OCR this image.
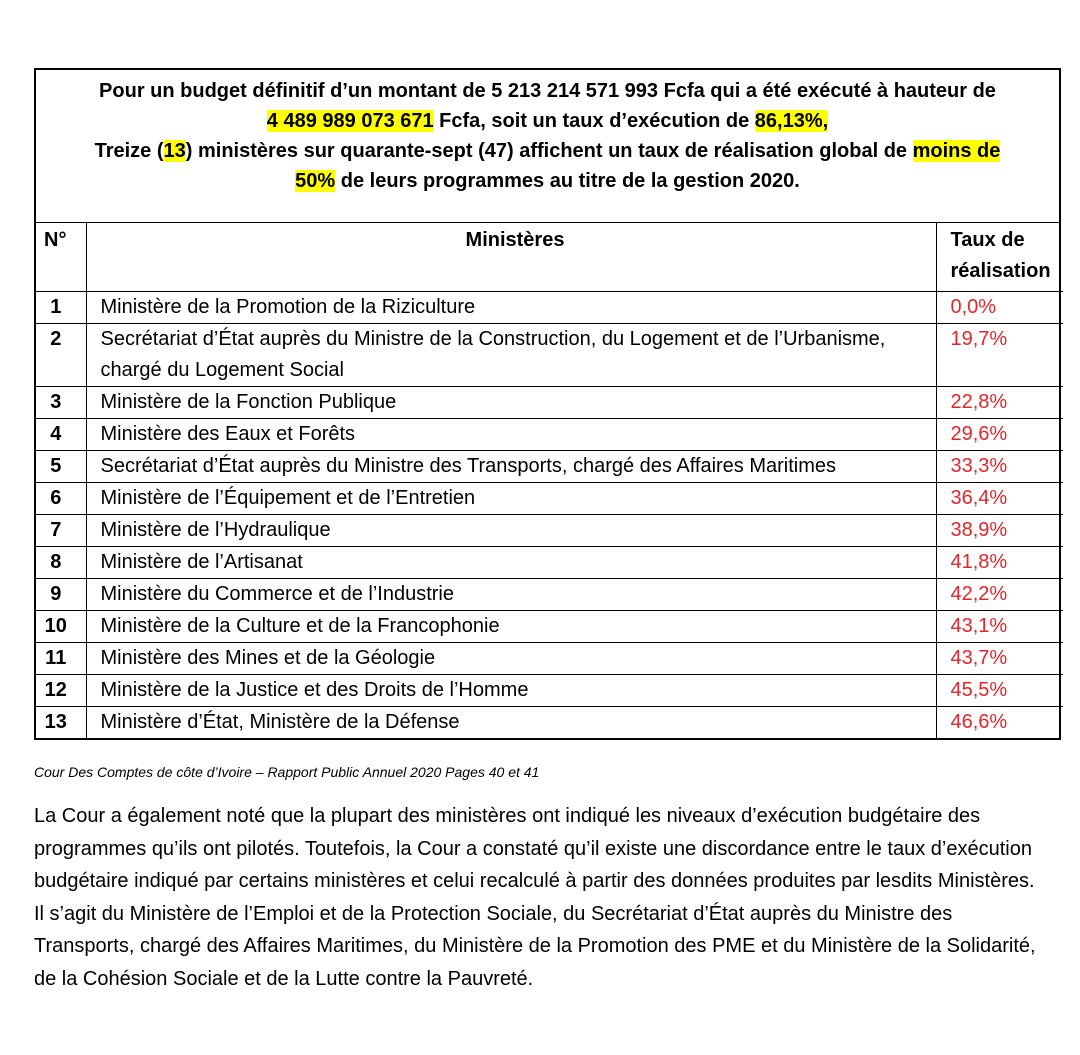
Pour un budget définitif d’un montant de 5 213 214 571 993 Fcfa qui a été exécuté à hauteur de
4 489 989 073 671 Fcfa, soit un taux d’exécution de 86,13%,
Treize (13) ministères sur quarante-sept (47) affichent un taux de réalisation global de moins de
50% de leurs programmes au titre de la gestion 2020.
N°	Ministères	Taux de réalisation
1	Ministère de la Promotion de la Riziculture	0,0%
2	Secrétariat d’État auprès du Ministre de la Construction, du Logement et de l’Urbanisme, chargé du Logement Social	19,7%
3	Ministère de la Fonction Publique	22,8%
4	Ministère des Eaux et Forêts	29,6%
5	Secrétariat d’État auprès du Ministre des Transports, chargé des Affaires Maritimes	33,3%
6	Ministère de l’Équipement et de l’Entretien	36,4%
7	Ministère de l’Hydraulique	38,9%
8	Ministère de l’Artisanat	41,8%
9	Ministère du Commerce et de l’Industrie	42,2%
10	Ministère de la Culture et de la Francophonie	43,1%
11	Ministère des Mines et de la Géologie	43,7%
12	Ministère de la Justice et des Droits de l’Homme	45,5%
13	Ministère d’État, Ministère de la Défense	46,6%
Cour Des Comptes de côte d’Ivoire – Rapport Public Annuel 2020 Pages 40 et 41
La Cour a également noté que la plupart des ministères ont indiqué les niveaux d’exécution budgétaire des programmes qu’ils ont pilotés. Toutefois, la Cour a constaté qu’il existe une discordance entre le taux d’exécution budgétaire indiqué par certains ministères et celui recalculé à partir des données produites par lesdits Ministères. Il s’agit du Ministère de l’Emploi et de la Protection Sociale, du Secrétariat d’État auprès du Ministre des Transports, chargé des Affaires Maritimes, du Ministère de la Promotion des PME et du Ministère de la Solidarité, de la Cohésion Sociale et de la Lutte contre la Pauvreté.
